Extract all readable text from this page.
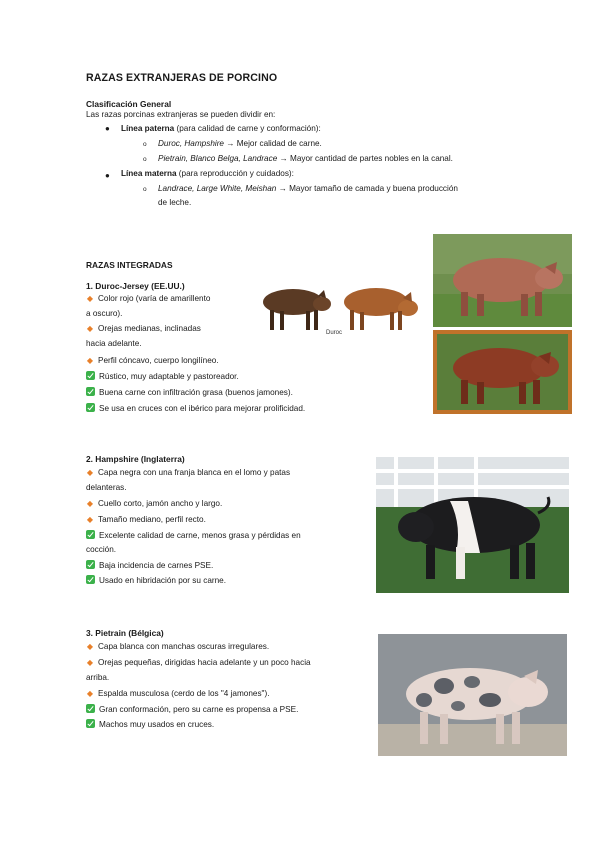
RAZAS EXTRANJERAS DE PORCINO
Clasificación General
Las razas porcinas extranjeras se pueden dividir en:
● Línea paterna (para calidad de carne y conformación):
o Duroc, Hampshire → Mejor calidad de carne.
o Pietrain, Blanco Belga, Landrace → Mayor cantidad de partes nobles en la canal.
● Línea materna (para reproducción y cuidados):
o Landrace, Large White, Meishan → Mayor tamaño de camada y buena producción
de leche.
RAZAS INTEGRADAS
1. Duroc-Jersey (EE.UU.)
◆ Color rojo (varía de amarillento
a oscuro).
◆ Orejas medianas, inclinadas
hacia adelante.
◆ Perfil cóncavo, cuerpo longilíneo.
Rústico, muy adaptable y pastoreador.
Buena carne con infiltración grasa (buenos jamones).
Se usa en cruces con el ibérico para mejorar prolificidad.
Duroc
2. Hampshire (Inglaterra)
◆ Capa negra con una franja blanca en el lomo y patas
delanteras.
◆ Cuello corto, jamón ancho y largo.
◆ Tamaño mediano, perfil recto.
Excelente calidad de carne, menos grasa y pérdidas en
cocción.
Baja incidencia de carnes PSE.
Usado en hibridación por su carne.
3. Pietrain (Bélgica)
◆ Capa blanca con manchas oscuras irregulares.
◆ Orejas pequeñas, dirigidas hacia adelante y un poco hacia
arriba.
◆ Espalda musculosa (cerdo de los "4 jamones").
Gran conformación, pero su carne es propensa a PSE.
Machos muy usados en cruces.
